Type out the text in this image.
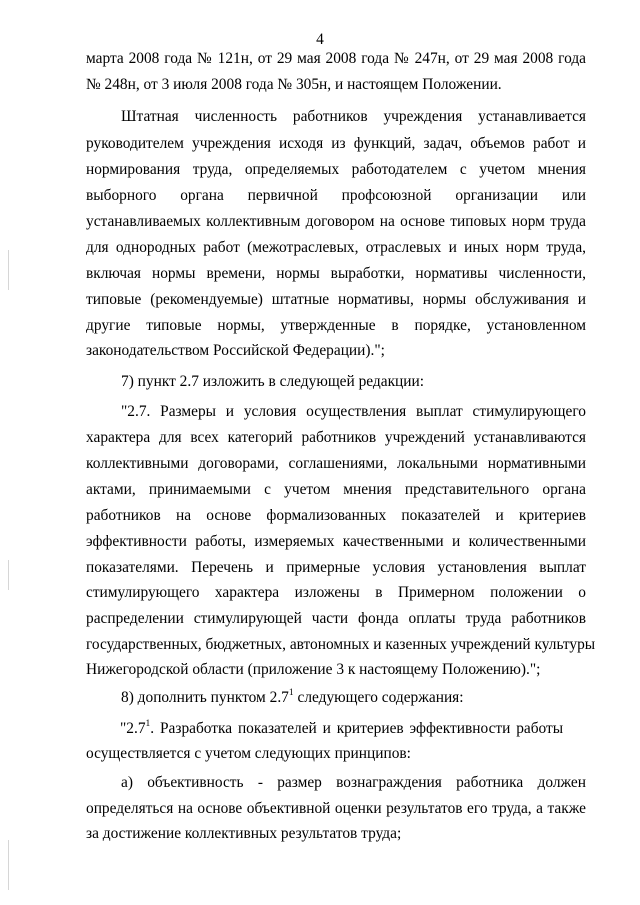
4
марта 2008 года № 121н, от 29 мая 2008 года № 247н, от 29 мая 2008 года
№ 248н, от 3 июля 2008 года № 305н, и настоящем Положении.
Штатная численность работников учреждения устанавливается
руководителем учреждения исходя из функций, задач, объемов работ и
нормирования труда, определяемых работодателем с учетом мнения
выборного органа первичной профсоюзной организации или
устанавливаемых коллективным договором на основе типовых норм труда
для однородных работ (межотраслевых, отраслевых и иных норм труда,
включая нормы времени, нормы выработки, нормативы численности,
типовые (рекомендуемые) штатные нормативы, нормы обслуживания и
другие типовые нормы, утвержденные в порядке, установленном
законодательством Российской Федерации).";
7) пункт 2.7 изложить в следующей редакции:
"2.7. Размеры и условия осуществления выплат стимулирующего
характера для всех категорий работников учреждений устанавливаются
коллективными договорами, соглашениями, локальными нормативными
актами, принимаемыми с учетом мнения представительного органа
работников на основе формализованных показателей и критериев
эффективности работы, измеряемых качественными и количественными
показателями. Перечень и примерные условия установления выплат
стимулирующего характера изложены в Примерном положении о
распределении стимулирующей части фонда оплаты труда работников
государственных, бюджетных, автономных и казенных учреждений культуры
Нижегородской области (приложение 3 к настоящему Положению).";
8) дополнить пунктом $2.7^1$ следующего содержания:
"$2.7^1$. Разработка показателей и критериев эффективности работы
осуществляется с учетом следующих принципов:
а) объективность - размер вознаграждения работника должен
определяться на основе объективной оценки результатов его труда, а также
за достижение коллективных результатов труда;
